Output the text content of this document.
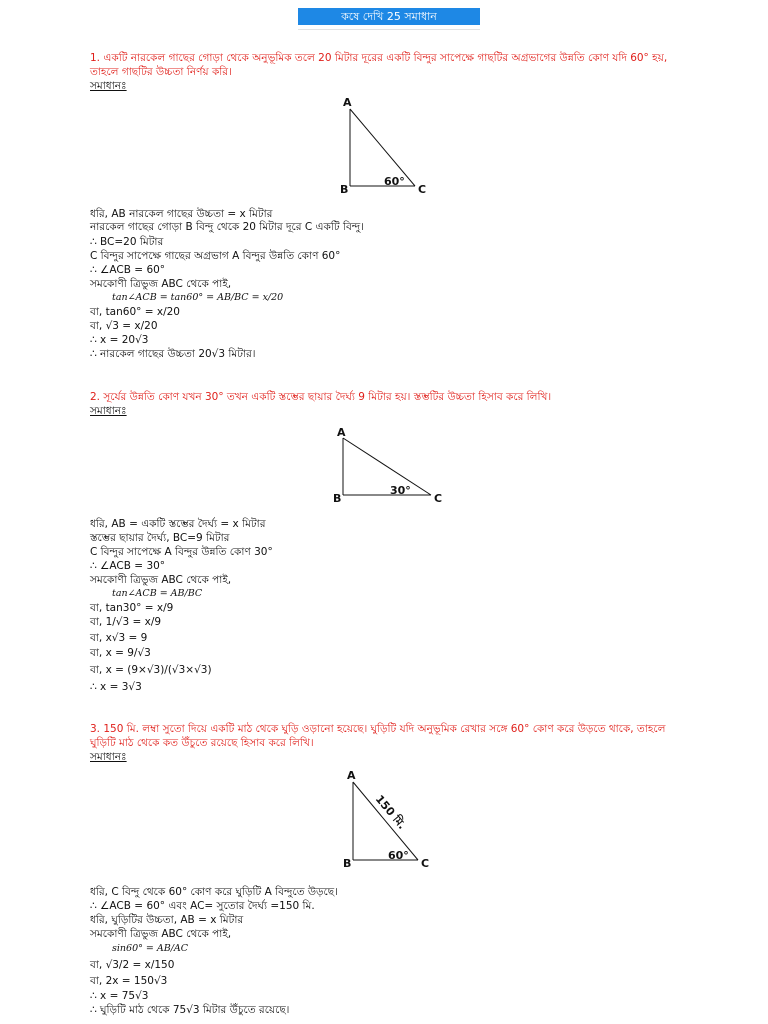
কষে দেখি 25 সমাধান
1. একটি নারকেল গাছের গোড়া থেকে অনুভূমিক তলে 20 মিটার দূরের একটি বিন্দুর সাপেক্ষে গাছটির অগ্রভাগের উন্নতি কোণ যদি 60° হয়, তাহলে গাছটির উচ্চতা নির্ণয় করি।
সমাধানঃ
A
B	C
60°
ধরি, AB নারকেল গাছের উচ্চতা = x মিটার
নারকেল গাছের গোড়া B বিন্দু থেকে 20 মিটার দূরে C একটি বিন্দু।
∴ BC=20 মিটার
C বিন্দুর সাপেক্ষে গাছের অগ্রভাগ A বিন্দুর উন্নতি কোণ 60°
∴ ∠ACB = 60°
সমকোণী ত্রিভুজ ABC থেকে পাই,
tan∠ACB = tan60° = AB/BC = x/20
বা, tan60° = x/20
বা, √3 = x/20
∴ x = 20√3
∴ নারকেল গাছের উচ্চতা 20√3 মিটার।
2. সূর্যের উন্নতি কোণ যখন 30° তখন একটি স্তম্ভের ছায়ার দৈর্ঘ্য 9 মিটার হয়। স্তম্ভটির উচ্চতা হিসাব করে লিখি।
সমাধানঃ
A
B	C
30°
ধরি, AB = একটি স্তম্ভের দৈর্ঘ্য = x মিটার
স্তম্ভের ছায়ার দৈর্ঘ্য, BC=9 মিটার
C বিন্দুর সাপেক্ষে A বিন্দুর উন্নতি কোণ 30°
∴ ∠ACB = 30°
সমকোণী ত্রিভুজ ABC থেকে পাই,
tan∠ACB = AB/BC
বা, tan30° = x/9
বা, 1/√3 = x/9
বা, x√3 = 9
বা, x = 9/√3
বা, x = (9×√3)/(√3×√3)
∴ x = 3√3
3. 150 মি. লম্বা সুতো দিয়ে একটি মাঠ থেকে ঘুড়ি ওড়ানো হয়েছে। ঘুড়িটি যদি অনুভূমিক রেখার সঙ্গে 60° কোণ করে উড়তে থাকে, তাহলে ঘুড়িটি মাঠ থেকে কত উঁচুতে রয়েছে হিসাব করে লিখি।
সমাধানঃ
A
B	C
60°
150 মি.
ধরি, C বিন্দু থেকে 60° কোণ করে ঘুড়িটি A বিন্দুতে উড়ছে।
∴ ∠ACB = 60° এবং AC= সুতোর দৈর্ঘ্য =150 মি.
ধরি, ঘুড়িটির উচ্চতা, AB = x মিটার
সমকোণী ত্রিভুজ ABC থেকে পাই,
sin60° = AB/AC
বা, √3/2 = x/150
বা, 2x = 150√3
∴ x = 75√3
∴ ঘুড়িটি মাঠ থেকে 75√3 মিটার উঁচুতে রয়েছে।
